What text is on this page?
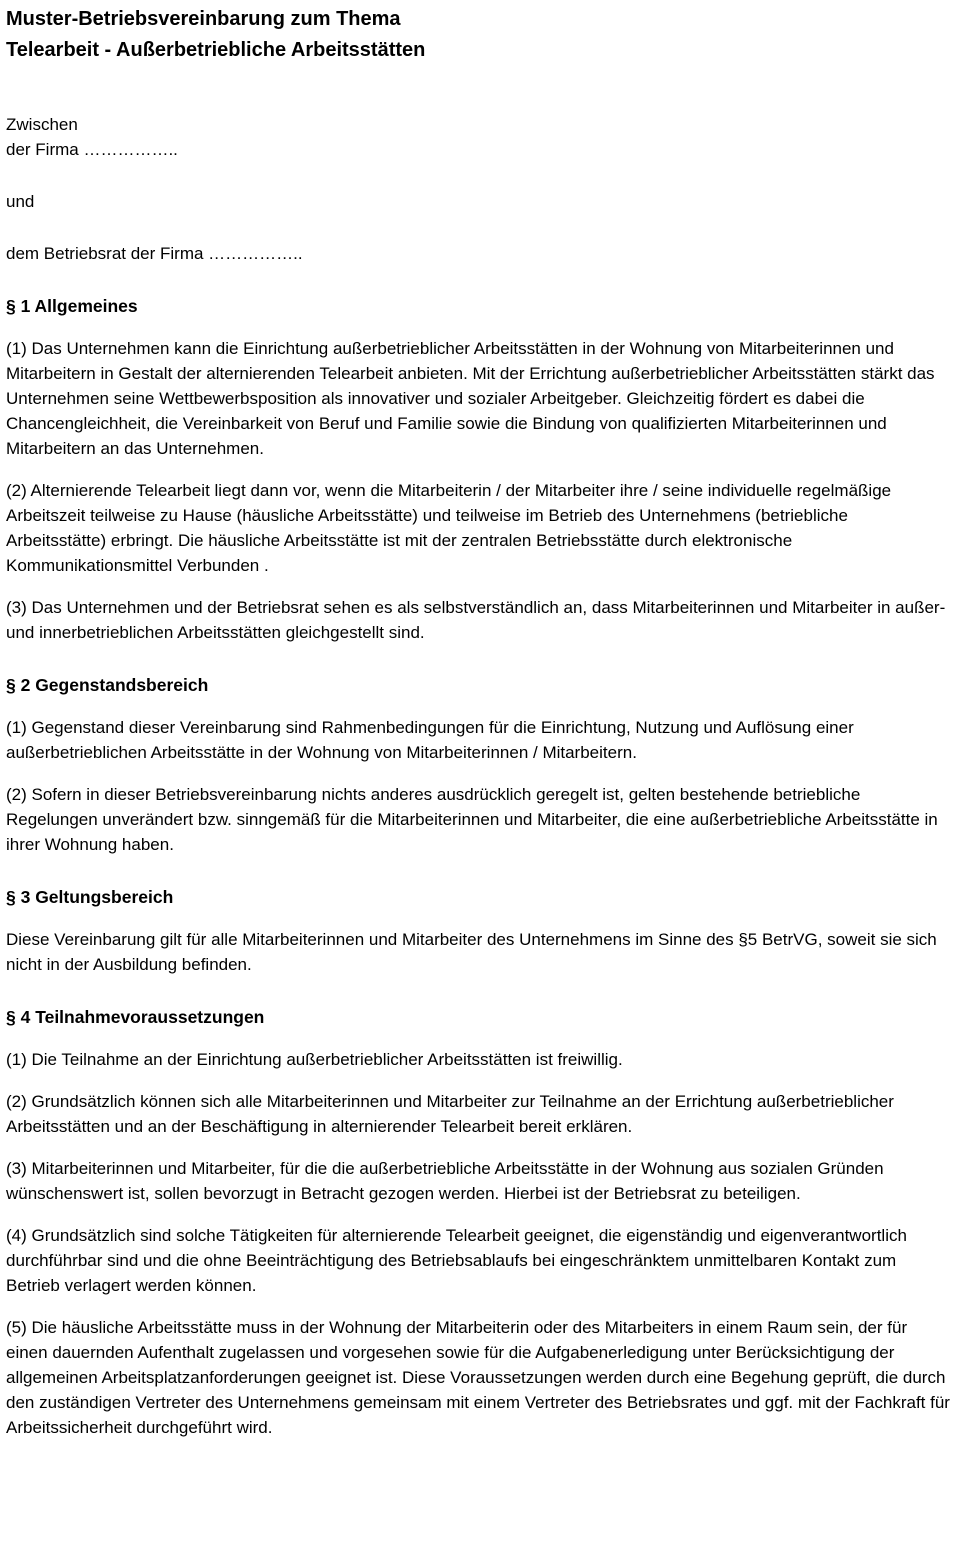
Muster-Betriebsvereinbarung zum Thema

Telearbeit - Außerbetriebliche Arbeitsstätten

Zwischen
der Firma ……………..

und

dem Betriebsrat der Firma ……………..

§ 1 Allgemeines

(1) Das Unternehmen kann die Einrichtung außerbetrieblicher Arbeitsstätten in der Wohnung von Mitarbeiterinnen und Mitarbeitern in Gestalt der alternierenden Telearbeit anbieten. Mit der Errichtung außerbetrieblicher Arbeitsstätten stärkt das Unternehmen seine Wettbewerbsposition als innovativer und sozialer Arbeitgeber. Gleichzeitig fördert es dabei die Chancengleichheit, die Vereinbarkeit von Beruf und Familie sowie die Bindung von qualifizierten Mitarbeiterinnen und Mitarbeitern an das Unternehmen.

(2) Alternierende Telearbeit liegt dann vor, wenn die Mitarbeiterin / der Mitarbeiter ihre / seine individuelle regelmäßige Arbeitszeit teilweise zu Hause (häusliche Arbeitsstätte) und teilweise im Betrieb des Unternehmens (betriebliche Arbeitsstätte) erbringt. Die häusliche Arbeitsstätte ist mit der zentralen Betriebsstätte durch elektronische Kommunikationsmittel Verbunden .

(3) Das Unternehmen und der Betriebsrat sehen es als selbstverständlich an, dass Mitarbeiterinnen und Mitarbeiter in außer- und innerbetrieblichen Arbeitsstätten gleichgestellt sind.

§ 2 Gegenstandsbereich

(1) Gegenstand dieser Vereinbarung sind Rahmenbedingungen für die Einrichtung, Nutzung und Auflösung einer außerbetrieblichen Arbeitsstätte in der Wohnung von Mitarbeiterinnen / Mitarbeitern.

(2) Sofern in dieser Betriebsvereinbarung nichts anderes ausdrücklich geregelt ist, gelten bestehende betriebliche Regelungen unverändert bzw. sinngemäß für die Mitarbeiterinnen und Mitarbeiter, die eine außerbetriebliche Arbeitsstätte in ihrer Wohnung haben.

§ 3 Geltungsbereich

Diese Vereinbarung gilt für alle Mitarbeiterinnen und Mitarbeiter des Unternehmens im Sinne des §5 BetrVG, soweit sie sich nicht in der Ausbildung befinden.

§ 4 Teilnahmevoraussetzungen

(1) Die Teilnahme an der Einrichtung außerbetrieblicher Arbeitsstätten ist freiwillig.

(2) Grundsätzlich können sich alle Mitarbeiterinnen und Mitarbeiter zur Teilnahme an der Errichtung außerbetrieblicher Arbeitsstätten und an der Beschäftigung in alternierender Telearbeit bereit erklären.

(3) Mitarbeiterinnen und Mitarbeiter, für die die außerbetriebliche Arbeitsstätte in der Wohnung aus sozialen Gründen wünschenswert ist, sollen bevorzugt in Betracht gezogen werden. Hierbei ist der Betriebsrat zu beteiligen.

(4) Grundsätzlich sind solche Tätigkeiten für alternierende Telearbeit geeignet, die eigenständig und eigenverantwortlich durchführbar sind und die ohne Beeinträchtigung des Betriebsablaufs bei eingeschränktem unmittelbaren Kontakt zum Betrieb verlagert werden können.

(5) Die häusliche Arbeitsstätte muss in der Wohnung der Mitarbeiterin oder des Mitarbeiters in einem Raum sein, der für einen dauernden Aufenthalt zugelassen und vorgesehen sowie für die Aufgabenerledigung unter Berücksichtigung der allgemeinen Arbeitsplatzanforderungen geeignet ist. Diese Voraussetzungen werden durch eine Begehung geprüft, die durch den zuständigen Vertreter des Unternehmens gemeinsam mit einem Vertreter des Betriebsrates und ggf. mit der Fachkraft für Arbeitssicherheit durchgeführt wird.
